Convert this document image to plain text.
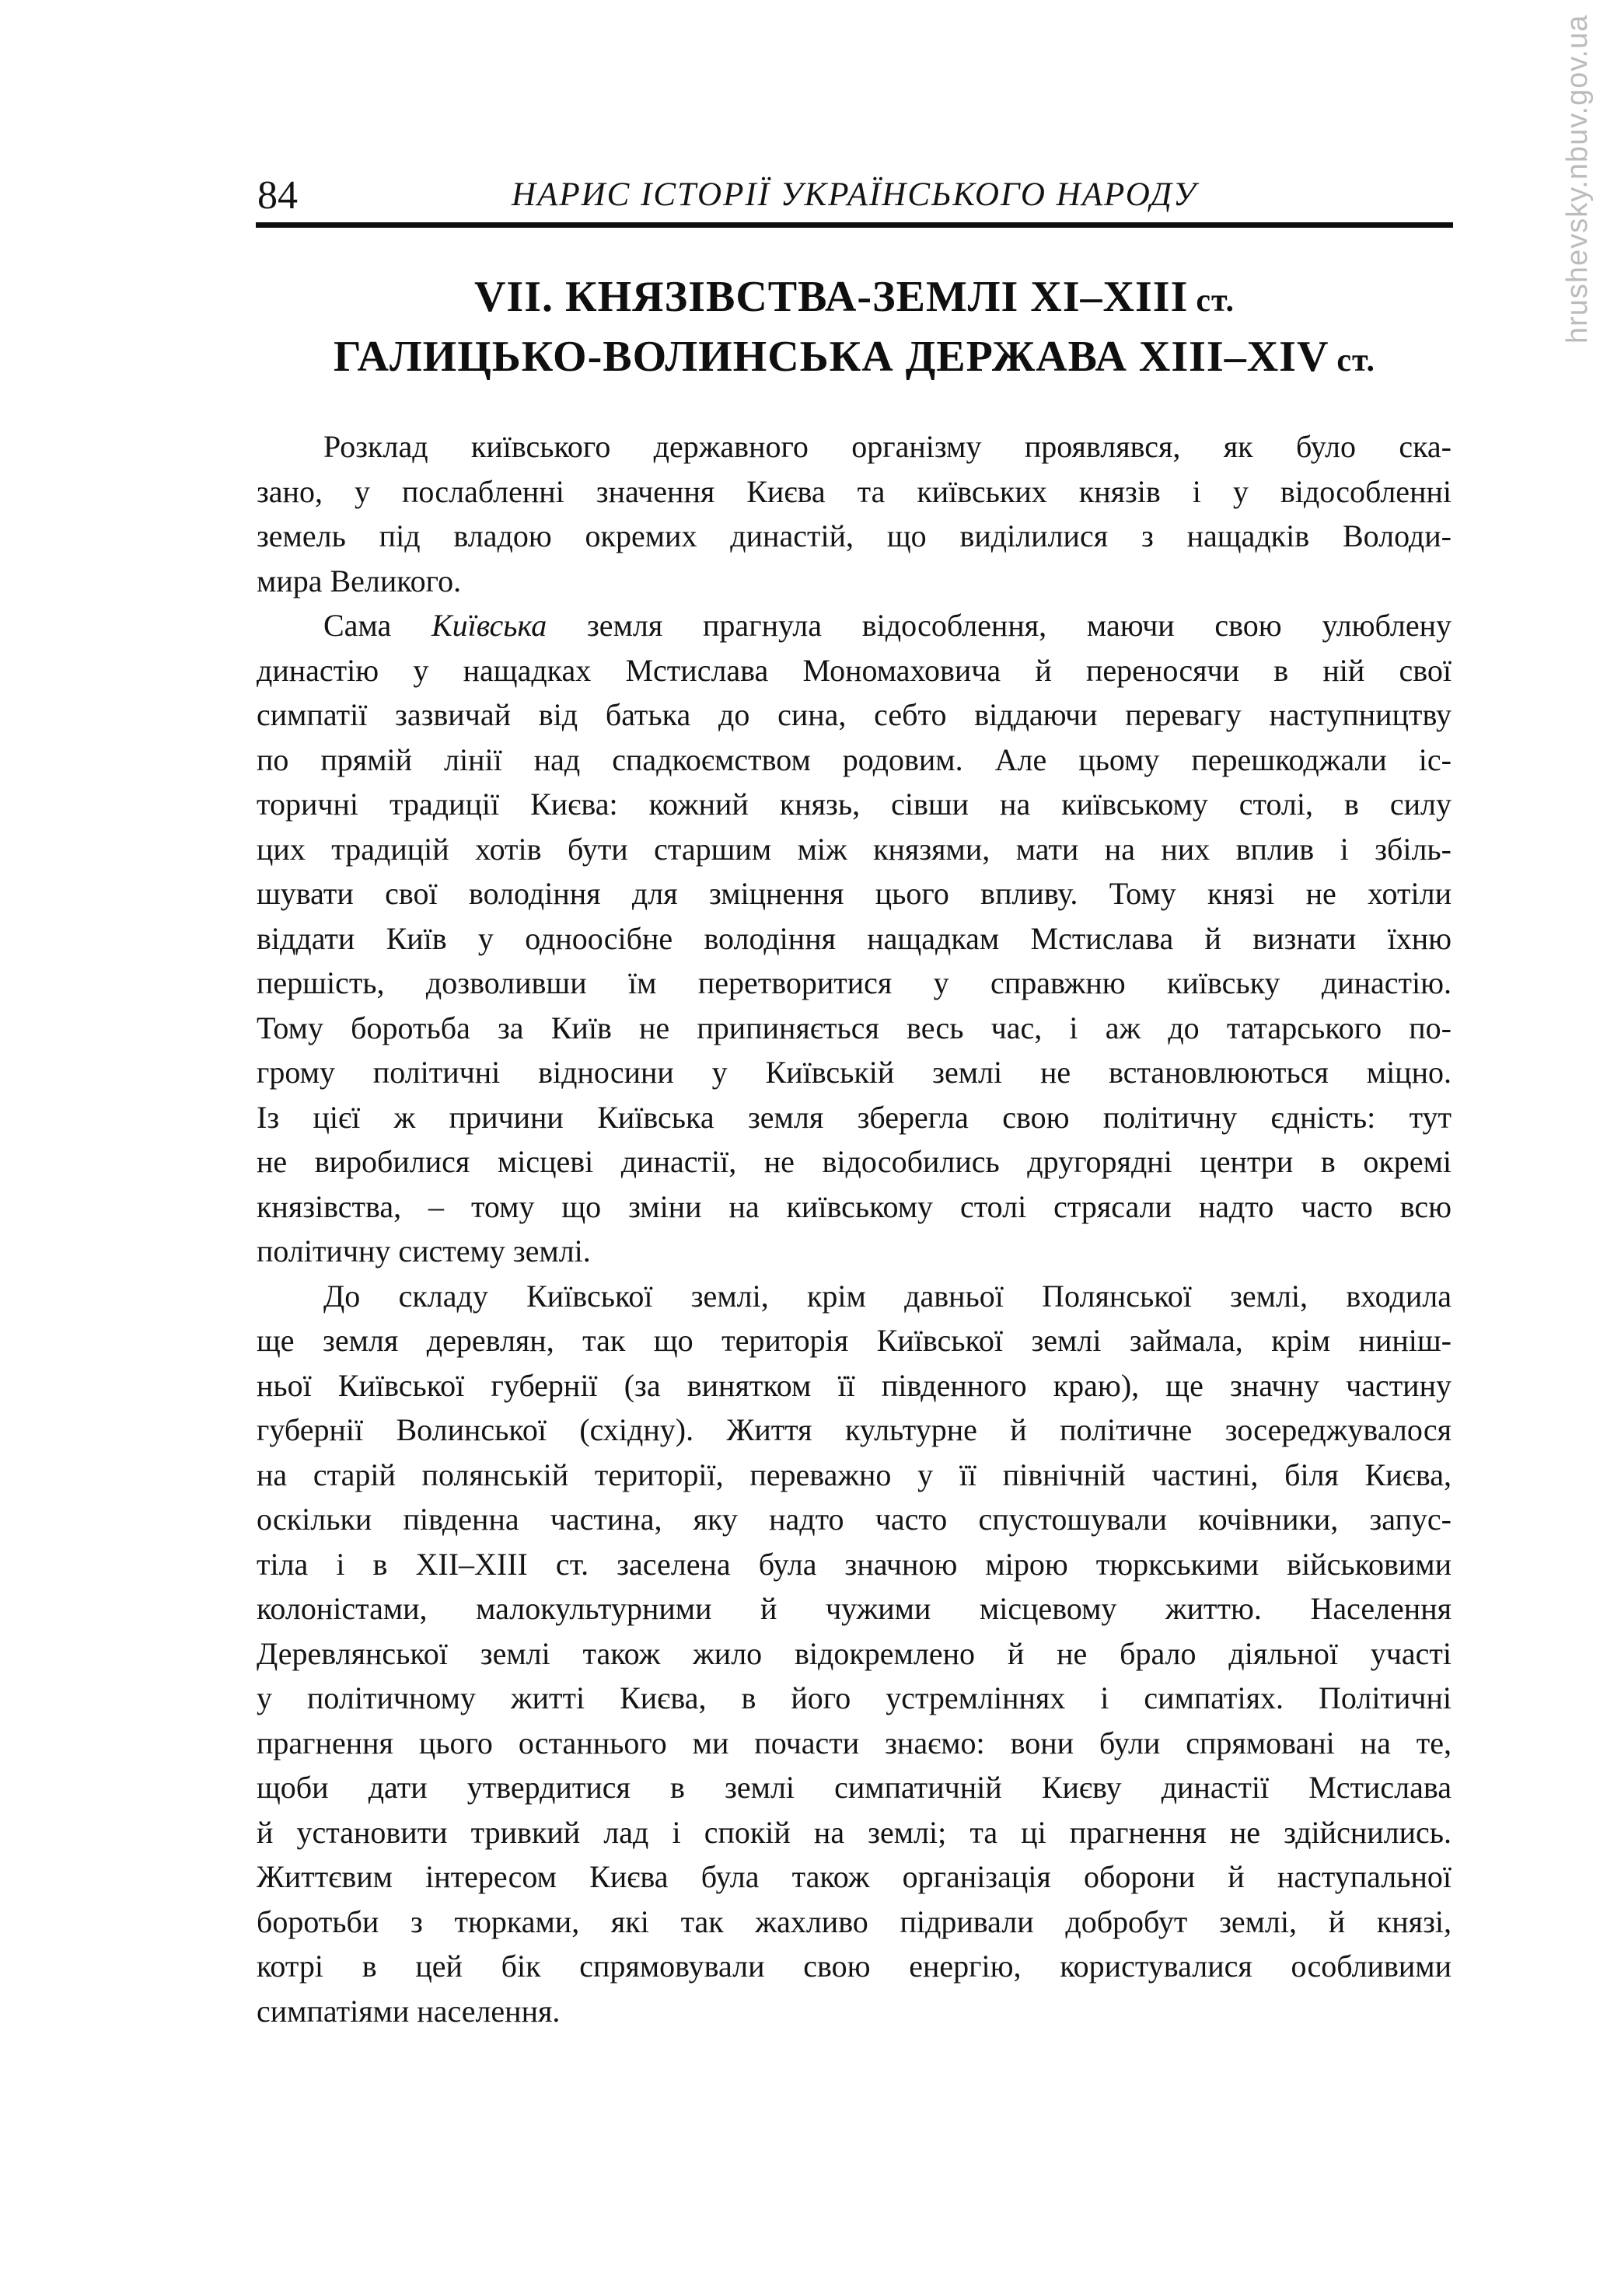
84	НАРИС ІСТОРІЇ УКРАЇНСЬКОГО НАРОДУ
VII. КНЯЗІВСТВА-ЗЕМЛІ XI–XIII ст.
ГАЛИЦЬКО-ВОЛИНСЬКА ДЕРЖАВА XIII–XIV ст.
Розклад київського державного організму проявлявся, як було ска-
зано, у послабленні значення Києва та київських князів і у відособленні
земель під владою окремих династій, що виділилися з нащадків Володи-
мира Великого.
Сама Київська земля прагнула відособлення, маючи свою улюблену
династію у нащадках Мстислава Мономаховича й переносячи в ній свої
симпатії зазвичай від батька до сина, себто віддаючи перевагу наступництву
по прямій лінії над спадкоємством родовим. Але цьому перешкоджали іс-
торичні традиції Києва: кожний князь, сівши на київському столі, в силу
цих традицій хотів бути старшим між князями, мати на них вплив і збіль-
шувати свої володіння для зміцнення цього впливу. Тому князі не хотіли
віддати Київ у одноосібне володіння нащадкам Мстислава й визнати їхню
першість, дозволивши їм перетворитися у справжню київську династію.
Тому боротьба за Київ не припиняється весь час, і аж до татарського по-
грому політичні відносини у Київській землі не встановлюються міцно.
Із цієї ж причини Київська земля зберегла свою політичну єдність: тут
не виробилися місцеві династії, не відособились другорядні центри в окремі
князівства, – тому що зміни на київському столі стрясали надто часто всю
політичну систему землі.
До складу Київської землі, крім давньої Полянської землі, входила
ще земля деревлян, так що територія Київської землі займала, крім ниніш-
ньої Київської губернії (за винятком її південного краю), ще значну частину
губернії Волинської (східну). Життя культурне й політичне зосереджувалося
на старій полянській території, переважно у її північній частині, біля Києва,
оскільки південна частина, яку надто часто спустошували кочівники, запус-
тіла і в XII–XIII ст. заселена була значною мірою тюркськими військовими
колоністами, малокультурними й чужими місцевому життю. Населення
Деревлянської землі також жило відокремлено й не брало діяльної участі
у політичному житті Києва, в його устремліннях і симпатіях. Політичні
прагнення цього останнього ми почасти знаємо: вони були спрямовані на те,
щоби дати утвердитися в землі симпатичній Києву династії Мстислава
й установити тривкий лад і спокій на землі; та ці прагнення не здійснились.
Життєвим інтересом Києва була також організація оборони й наступальної
боротьби з тюрками, які так жахливо підривали добробут землі, й князі,
котрі в цей бік спрямовували свою енергію, користувалися особливими
симпатіями населення.
hrushevsky.nbuv.gov.ua
